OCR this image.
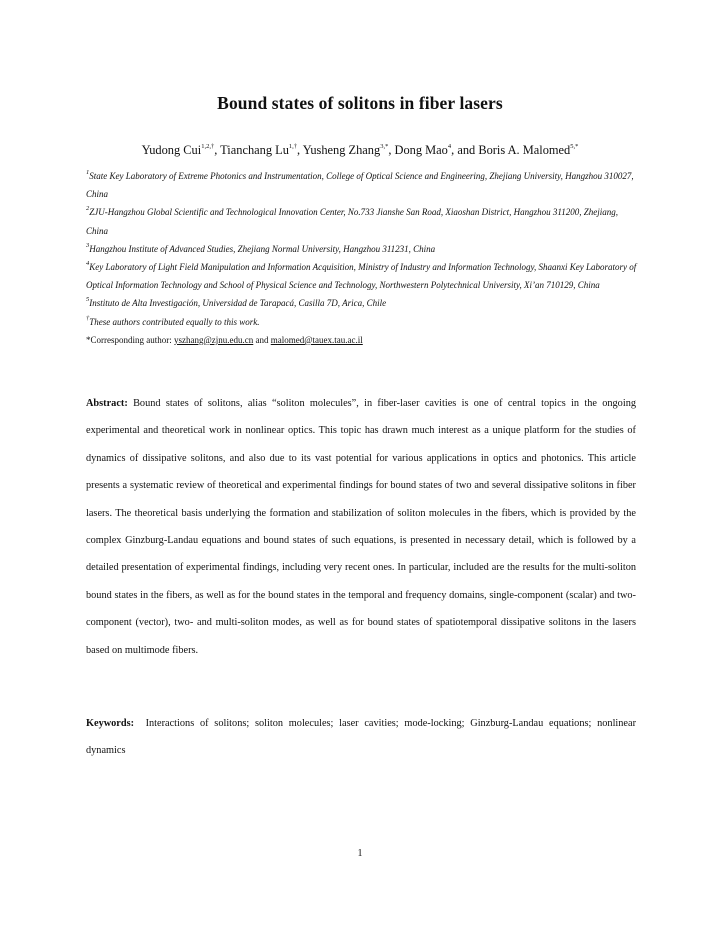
Bound states of solitons in fiber lasers
Yudong Cui$^{1,2,\dagger}$, Tianchang $Lu^{1,\dagger}$, Yusheng Zhang$^{3,*}$, Dong Mao$^4$, and Boris A. Malomed$^{5,*}$

$^1$State Key Laboratory of Extreme Photonics and Instrumentation, College of Optical Science and Engineering, Zhejiang University, Hangzhou 310027, China

$^2$ZJU-Hangzhou Global Scientific and Technological Innovation Center, No.733 Jianshe San Road, Xiaoshan District, Hangzhou 311200, Zhejiang, China

$^3$Hangzhou Institute of Advanced Studies, Zhejiang Normal University, Hangzhou 311231, China

$^4$Key Laboratory of Light Field Manipulation and Information Acquisition, Ministry of Industry and Information Technology, Shaanxi Key Laboratory of Optical Information Technology and School of Physical Science and Technology, Northwestern Polytechnical University, Xi’an 710129, China

$^5$Instituto de Alta Investigación, Universidad de Tarapacá, Casilla 7D, Arica, Chile

†These authors contributed equally to this work.

*Corresponding author: yszhang@zjnu.edu.cn and malomed@tauex.tau.ac.il

Abstract: Bound states of solitons, alias “soliton molecules”, in fiber-laser cavities is one of central topics in the ongoing experimental and theoretical work in nonlinear optics. This topic has drawn much interest as a unique platform for the studies of dynamics of dissipative solitons, and also due to its vast potential for various applications in optics and photonics. This article presents a systematic review of theoretical and experimental findings for bound states of two and several dissipative solitons in fiber lasers. The theoretical basis underlying the formation and stabilization of soliton molecules in the fibers, which is provided by the complex Ginzburg-Landau equations and bound states of such equations, is presented in necessary detail, which is followed by a detailed presentation of experimental findings, including very recent ones. In particular, included are the results for the multi-soliton bound states in the fibers, as well as for the bound states in the temporal and frequency domains, single-component (scalar) and two-component (vector), two- and multi-soliton modes, as well as for bound states of spatiotemporal dissipative solitons in the lasers based on multimode fibers.

Keywords: Interactions of solitons; soliton molecules; laser cavities; mode-locking; Ginzburg-Landau equations; nonlinear dynamics

1
